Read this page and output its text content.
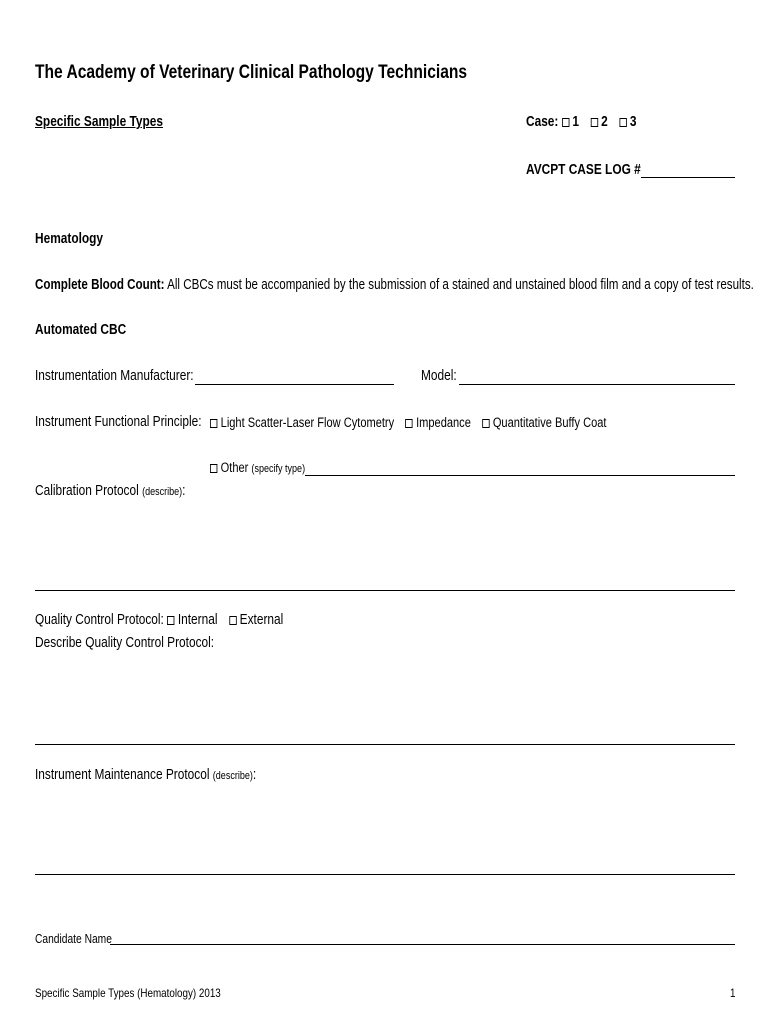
The Academy of Veterinary Clinical Pathology Technicians
Specific Sample Types	Case: 1 2 3
AVCPT CASE LOG #
Hematology
Complete Blood Count: All CBCs must be accompanied by the submission of a stained and unstained blood film and a copy of test results.
Automated CBC
Instrumentation Manufacturer:	Model:
Instrument Functional Principle:	Light Scatter-Laser Flow Cytometry Impedance Quantitative Buffy Coat
Other (specify type)
Calibration Protocol (describe):
Quality Control Protocol: Internal External
Describe Quality Control Protocol:
Instrument Maintenance Protocol (describe):
Candidate Name
Specific Sample Types (Hematology) 2013	1
